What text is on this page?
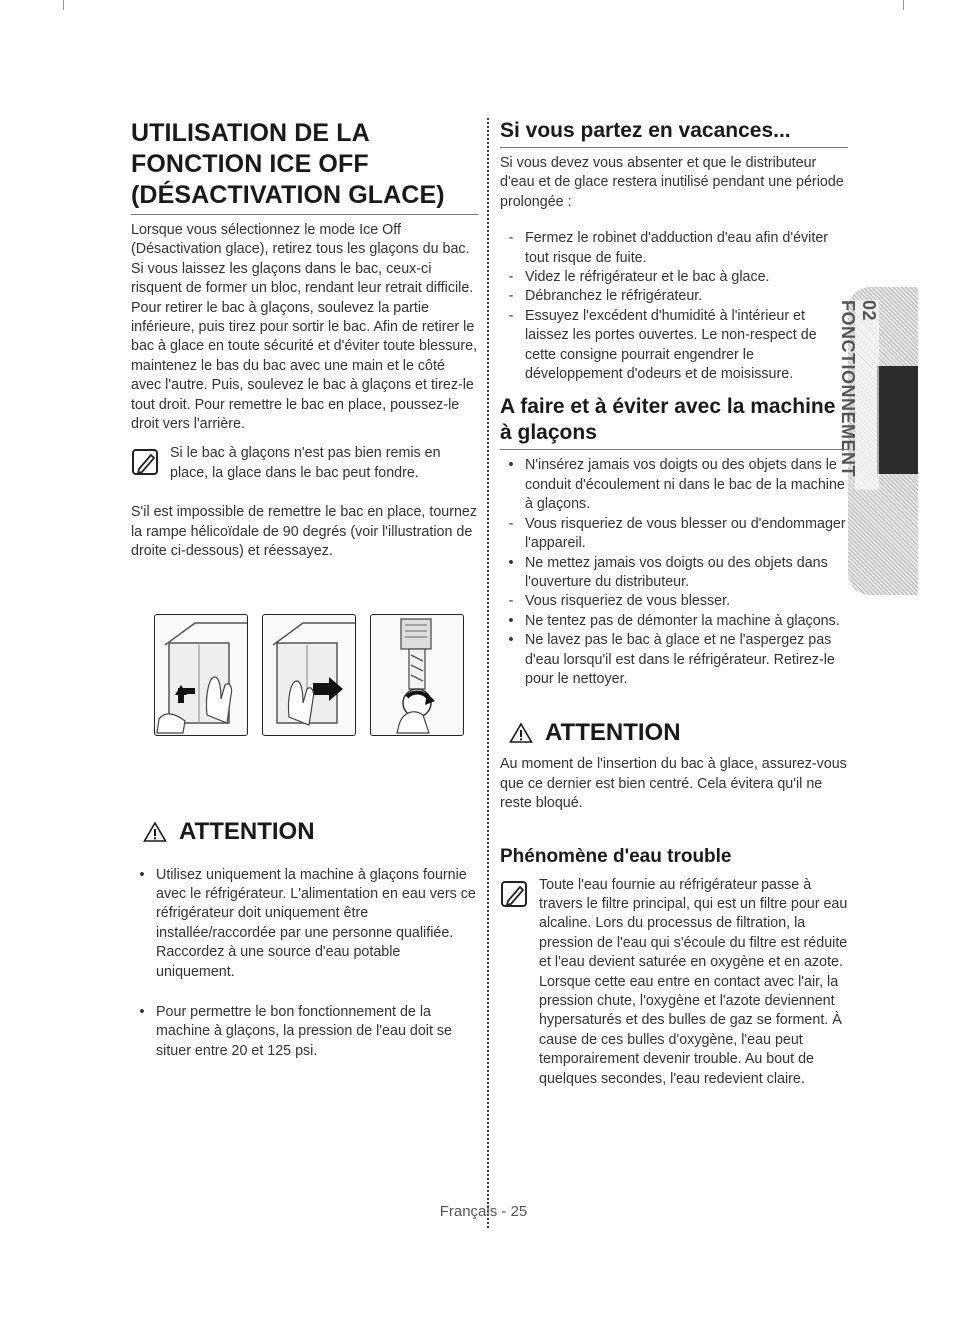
02 FONCTIONNEMENT
UTILISATION DE LA FONCTION ICE OFF (DÉSACTIVATION GLACE)

Lorsque vous sélectionnez le mode Ice Off (Désactivation glace), retirez tous les glaçons du bac. Si vous laissez les glaçons dans le bac, ceux-ci risquent de former un bloc, rendant leur retrait difficile. Pour retirer le bac à glaçons, soulevez la partie inférieure, puis tirez pour sortir le bac. Afin de retirer le bac à glace en toute sécurité et d'éviter toute blessure, maintenez le bas du bac avec une main et le côté avec l'autre. Puis, soulevez le bac à glaçons et tirez-le tout droit. Pour remettre le bac en place, poussez-le droit vers l'arrière.

Si le bac à glaçons n'est pas bien remis en place, la glace dans le bac peut fondre.

S'il est impossible de remettre le bac en place, tournez la rampe hélicoïdale de 90 degrés (voir l'illustration de droite ci-dessous) et réessayez.

ATTENTION
• Utilisez uniquement la machine à glaçons fournie avec le réfrigérateur. L'alimentation en eau vers ce réfrigérateur doit uniquement être installée/raccordée par une personne qualifiée. Raccordez à une source d'eau potable uniquement.
• Pour permettre le bon fonctionnement de la machine à glaçons, la pression de l'eau doit se situer entre 20 et 125 psi.
Si vous partez en vacances...

Si vous devez vous absenter et que le distributeur d'eau et de glace restera inutilisé pendant une période prolongée :

- Fermez le robinet d'adduction d'eau afin d'éviter tout risque de fuite.
- Videz le réfrigérateur et le bac à glace.
- Débranchez le réfrigérateur.
- Essuyez l'excédent d'humidité à l'intérieur et laissez les portes ouvertes. Le non-respect de cette consigne pourrait engendrer le développement d'odeurs et de moisissure.
A faire et à éviter avec la machine à glaçons
• N'insérez jamais vos doigts ou des objets dans le conduit d'écoulement ni dans le bac de la machine à glaçons.
- Vous risqueriez de vous blesser ou d'endommager l'appareil.
• Ne mettez jamais vos doigts ou des objets dans l'ouverture du distributeur.
- Vous risqueriez de vous blesser.
• Ne tentez pas de démonter la machine à glaçons.
• Ne lavez pas le bac à glace et ne l'aspergez pas d'eau lorsqu'il est dans le réfrigérateur. Retirez-le pour le nettoyer.
ATTENTION

Au moment de l'insertion du bac à glace, assurez-vous que ce dernier est bien centré. Cela évitera qu'il ne reste bloqué.

Phénomène d'eau trouble

Toute l'eau fournie au réfrigérateur passe à travers le filtre principal, qui est un filtre pour eau alcaline. Lors du processus de filtration, la pression de l'eau qui s'écoule du filtre est réduite et l'eau devient saturée en oxygène et en azote. Lorsque cette eau entre en contact avec l'air, la pression chute, l'oxygène et l'azote deviennent hypersaturés et des bulles de gaz se forment. À cause de ces bulles d'oxygène, l'eau peut temporairement devenir trouble. Au bout de quelques secondes, l'eau redevient claire.

Français - 25
